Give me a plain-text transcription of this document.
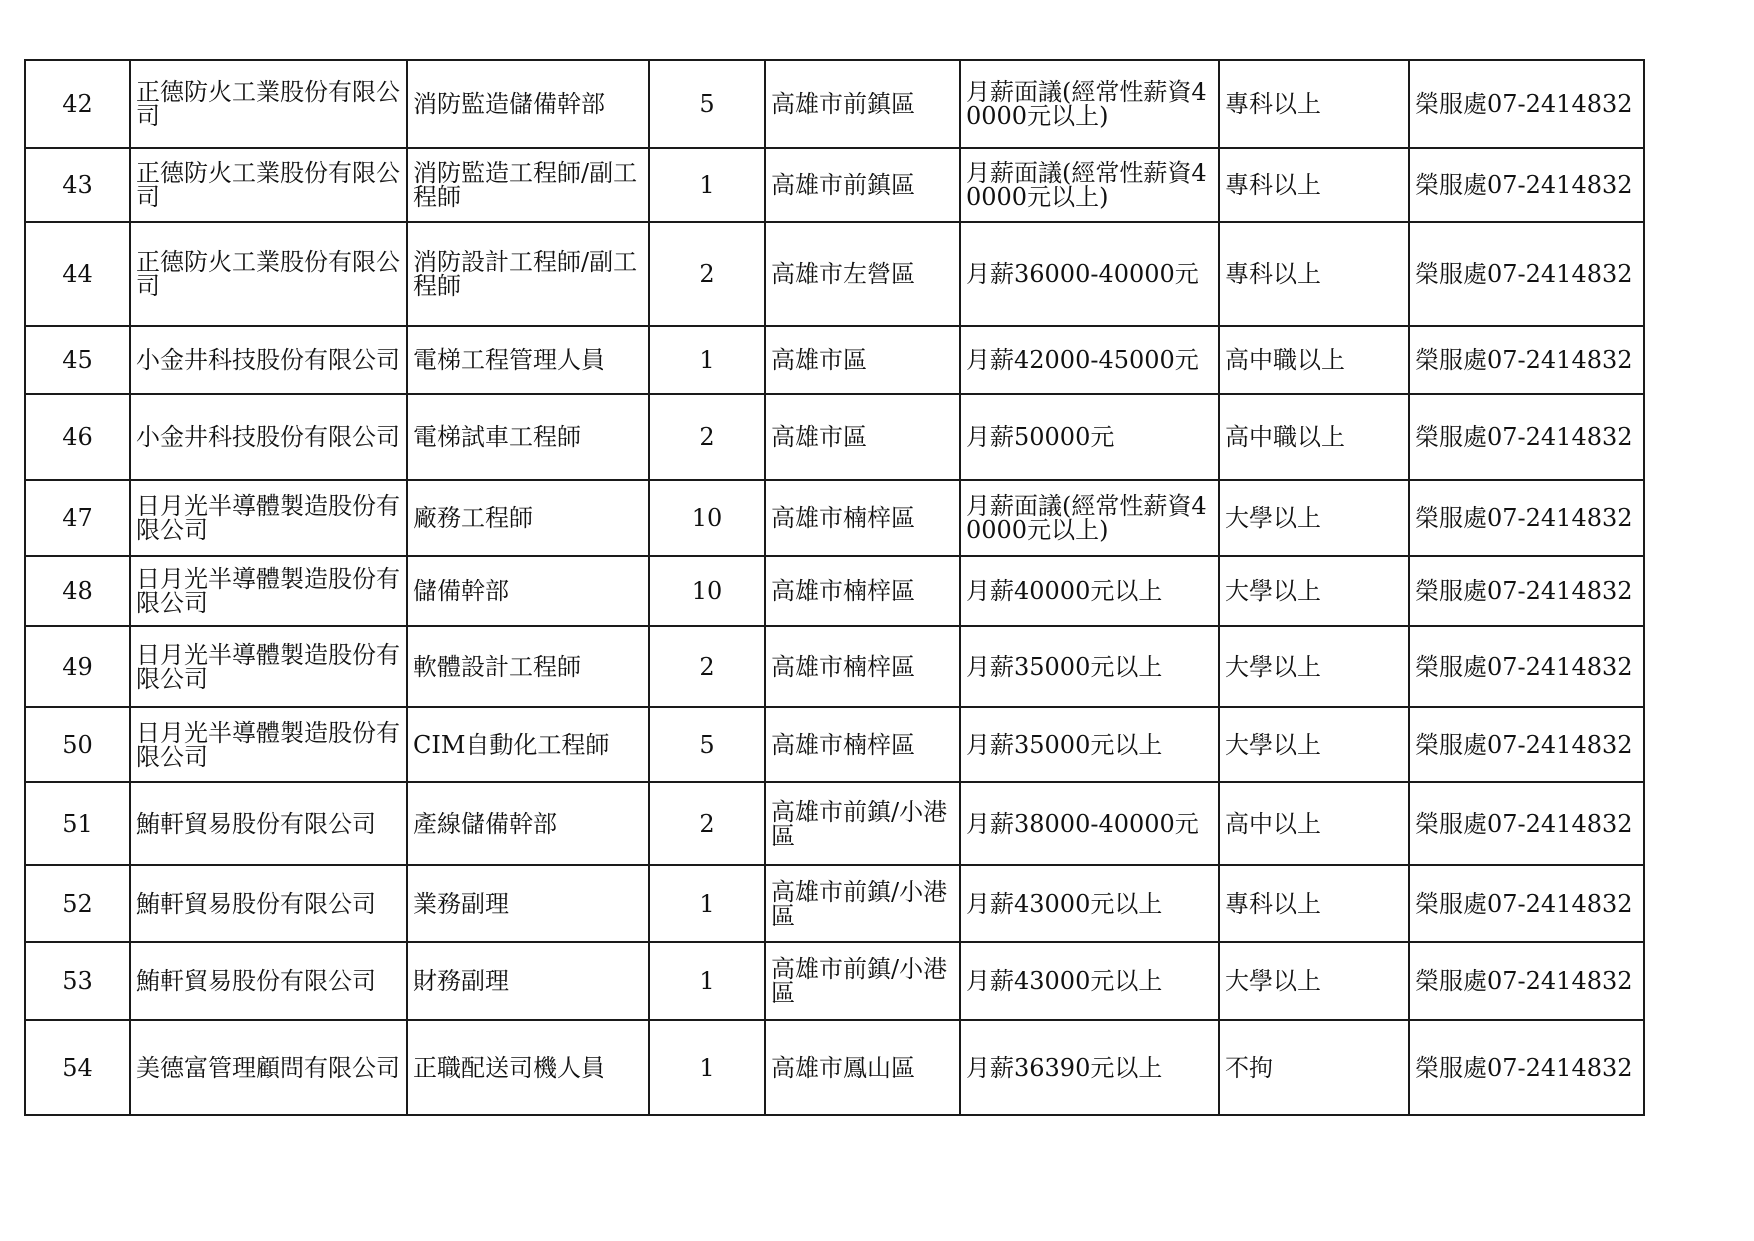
42	正德防火工業股份有限公司	消防監造儲備幹部	5	高雄市前鎮區	月薪面議(經常性薪資40000元以上)	專科以上	榮服處07-2414832
43	正德防火工業股份有限公司	消防監造工程師/副工程師	1	高雄市前鎮區	月薪面議(經常性薪資40000元以上)	專科以上	榮服處07-2414832
44	正德防火工業股份有限公司	消防設計工程師/副工程師	2	高雄市左營區	月薪36000-40000元	專科以上	榮服處07-2414832
45	小金井科技股份有限公司	電梯工程管理人員	1	高雄市區	月薪42000-45000元	高中職以上	榮服處07-2414832
46	小金井科技股份有限公司	電梯試車工程師	2	高雄市區	月薪50000元	高中職以上	榮服處07-2414832
47	日月光半導體製造股份有限公司	廠務工程師	10	高雄市楠梓區	月薪面議(經常性薪資40000元以上)	大學以上	榮服處07-2414832
48	日月光半導體製造股份有限公司	儲備幹部	10	高雄市楠梓區	月薪40000元以上	大學以上	榮服處07-2414832
49	日月光半導體製造股份有限公司	軟體設計工程師	2	高雄市楠梓區	月薪35000元以上	大學以上	榮服處07-2414832
50	日月光半導體製造股份有限公司	CIM自動化工程師	5	高雄市楠梓區	月薪35000元以上	大學以上	榮服處07-2414832
51	鮪軒貿易股份有限公司	產線儲備幹部	2	高雄市前鎮/小港區	月薪38000-40000元	高中以上	榮服處07-2414832
52	鮪軒貿易股份有限公司	業務副理	1	高雄市前鎮/小港區	月薪43000元以上	專科以上	榮服處07-2414832
53	鮪軒貿易股份有限公司	財務副理	1	高雄市前鎮/小港區	月薪43000元以上	大學以上	榮服處07-2414832
54	美德富管理顧問有限公司	正職配送司機人員	1	高雄市鳳山區	月薪36390元以上	不拘	榮服處07-2414832
